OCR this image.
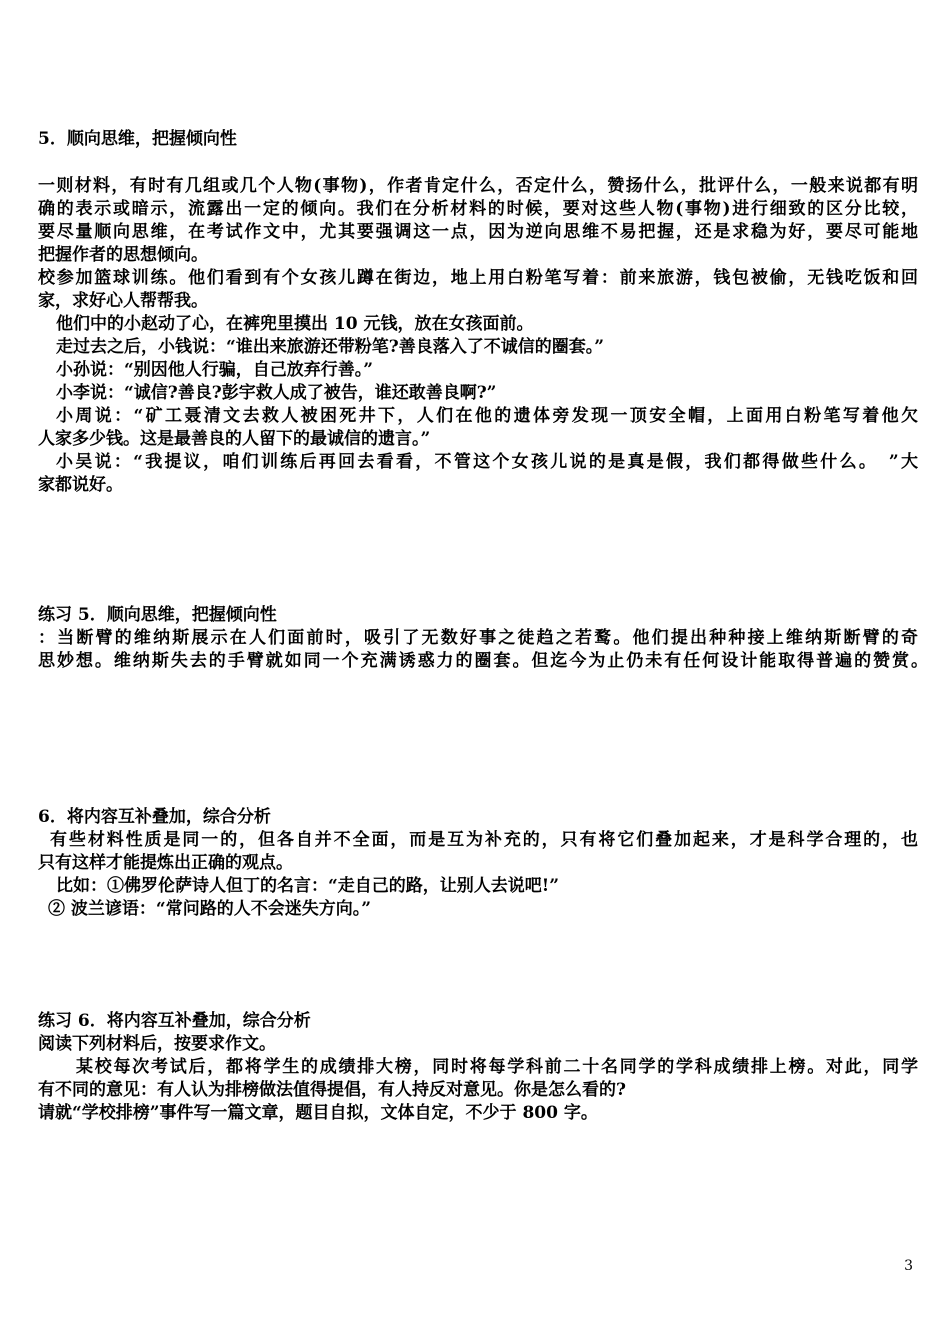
5．顺向思维，把握倾向性
一则材料，有时有几组或几个人物(事物)，作者肯定什么，否定什么，赞扬什么，批评什么，一般来说都有明
确的表示或暗示，流露出一定的倾向。我们在分析材料的时候，要对这些人物(事物)进行细致的区分比较，
要尽量顺向思维，在考试作文中，尤其要强调这一点，因为逆向思维不易把握，还是求稳为好，要尽可能地
把握作者的思想倾向。
校参加篮球训练。他们看到有个女孩儿蹲在街边，地上用白粉笔写着：前来旅游，钱包被偷，无钱吃饭和回
家，求好心人帮帮我。
他们中的小赵动了心，在裤兜里摸出 10 元钱，放在女孩面前。
走过去之后，小钱说：“谁出来旅游还带粉笔?善良落入了不诚信的圈套。”
小孙说：“别因他人行骗，自己放弃行善。”
小李说：“诚信?善良?彭宇救人成了被告，谁还敢善良啊?”
小周说：“矿工聂清文去救人被困死井下，人们在他的遗体旁发现一顶安全帽，上面用白粉笔写着他欠
人家多少钱。这是最善良的人留下的最诚信的遗言。”
小吴说：“我提议，咱们训练后再回去看看，不管这个女孩儿说的是真是假，我们都得做些什么。　”大
家都说好。
练习 5．顺向思维，把握倾向性
：当断臂的维纳斯展示在人们面前时，吸引了无数好事之徒趋之若鹜。他们提出种种接上维纳斯断臂的奇
思妙想。维纳斯失去的手臂就如同一个充满诱惑力的圈套。但迄今为止仍未有任何设计能取得普遍的赞赏。
6．将内容互补叠加，综合分析
有些材料性质是同一的，但各自并不全面，而是互为补充的，只有将它们叠加起来，才是科学合理的，也
只有这样才能提炼出正确的观点。
比如：①佛罗伦萨诗人但丁的名言：“走自己的路，让别人去说吧!”
② 波兰谚语：“常问路的人不会迷失方向。”
练习 6．将内容互补叠加，综合分析
阅读下列材料后，按要求作文。
某校每次考试后，都将学生的成绩排大榜，同时将每学科前二十名同学的学科成绩排上榜。对此，同学
有不同的意见：有人认为排榜做法值得提倡，有人持反对意见。你是怎么看的?
请就“学校排榜”事件写一篇文章，题目自拟，文体自定，不少于 800 字。
3
